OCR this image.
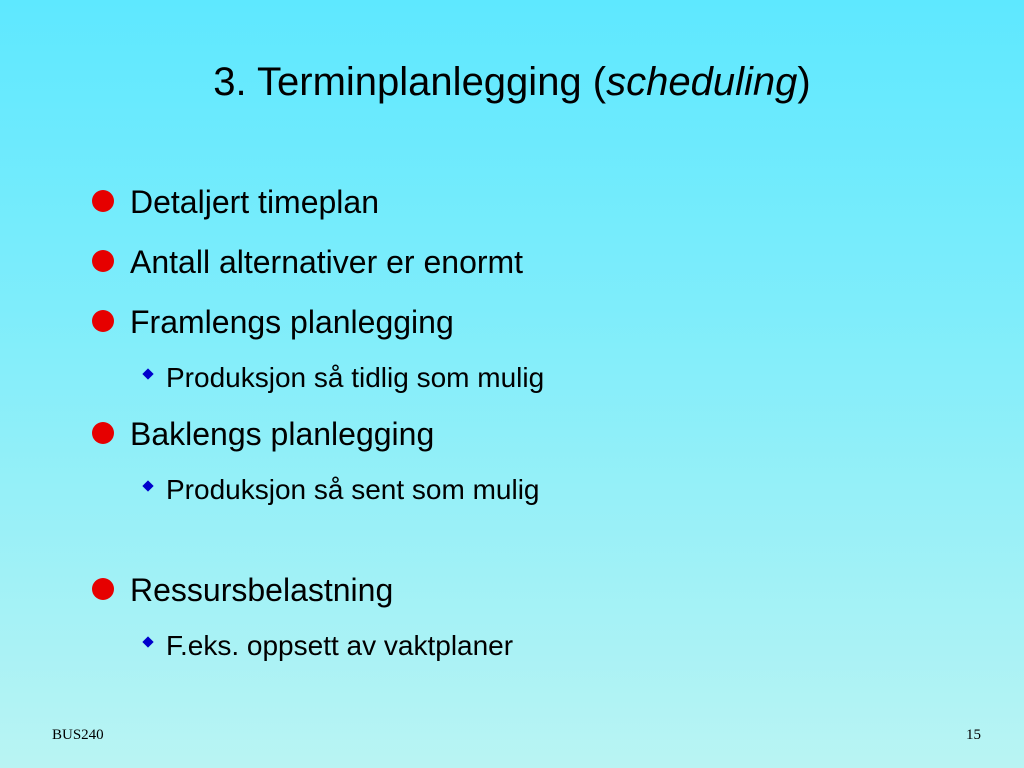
3. Terminplanlegging (scheduling)
Detaljert timeplan
Antall alternativer er enormt
Framlengs planlegging
Produksjon så tidlig som mulig
Baklengs planlegging
Produksjon så sent som mulig
Ressursbelastning
F.eks. oppsett av vaktplaner
BUS240	15
